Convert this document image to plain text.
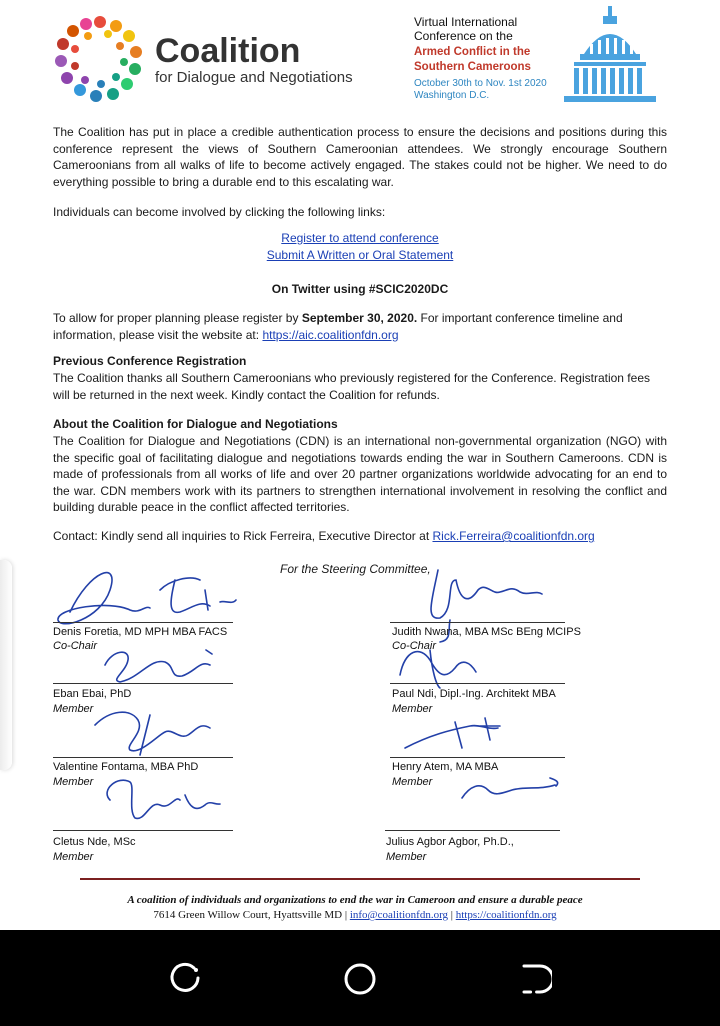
Coalition
for Dialogue and Negotiations
Virtual International
Conference on the
Armed Conflict in the
Southern Cameroons
October 30th to Nov. 1st 2020
Washington D.C.
The Coalition has put in place a credible authentication process to ensure the decisions and positions during this conference represent the views of Southern Cameroonian attendees. We strongly encourage Southern Cameroonians from all walks of life to become actively engaged. The stakes could not be higher. We need to do everything possible to bring a durable end to this escalating war.
Individuals can become involved by clicking the following links:
Register to attend conference
Submit A Written or Oral Statement
On Twitter using #SCIC2020DC
To allow for proper planning please register by September 30, 2020. For important conference timeline and information, please visit the website at: https://aic.coalitionfdn.org
Previous Conference Registration
The Coalition thanks all Southern Cameroonians who previously registered for the Conference. Registration fees will be returned in the next week. Kindly contact the Coalition for refunds.
About the Coalition for Dialogue and Negotiations
The Coalition for Dialogue and Negotiations (CDN) is an international non-governmental organization (NGO) with the specific goal of facilitating dialogue and negotiations towards ending the war in Southern Cameroons. CDN is made of professionals from all works of life and over 20 partner organizations worldwide advocating for an end to the war. CDN members work with its partners to strengthen international involvement in resolving the conflict and building durable peace in the conflict affected territories.
Contact: Kindly send all inquiries to Rick Ferreira, Executive Director at Rick.Ferreira@coalitionfdn.org
For the Steering Committee,
Denis Foretia, MD MPH MBA FACS
Co-Chair
Judith Nwana, MBA MSc BEng MCIPS
Co-Chair
Eban Ebai, PhD
Member
Paul Ndi, Dipl.-Ing. Architekt MBA
Member
Valentine Fontama, MBA PhD
Member
Henry Atem, MA MBA
Member
Cletus Nde, MSc
Member
Julius Agbor Agbor, Ph.D.,
Member
A coalition of individuals and organizations to end the war in Cameroon and ensure a durable peace
7614 Green Willow Court, Hyattsville MD | info@coalitionfdn.org | https://coalitionfdn.org
